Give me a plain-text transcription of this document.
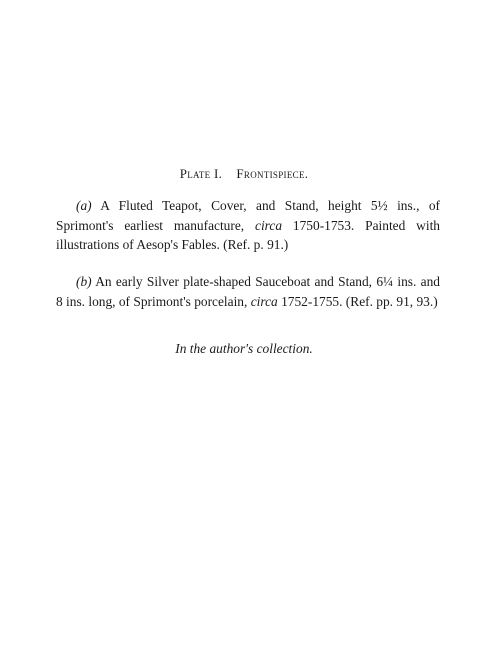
Plate I. Frontispiece.

(a) A Fluted Teapot, Cover, and Stand, height 5½ ins., of Sprimont's earliest manufacture, circa 1750-1753. Painted with illustrations of Aesop's Fables. (Ref. p. 91.)

(b) An early Silver plate-shaped Sauceboat and Stand, 6¼ ins. and 8 ins. long, of Sprimont's porcelain, circa 1752-1755. (Ref. pp. 91, 93.)

In the author's collection.
